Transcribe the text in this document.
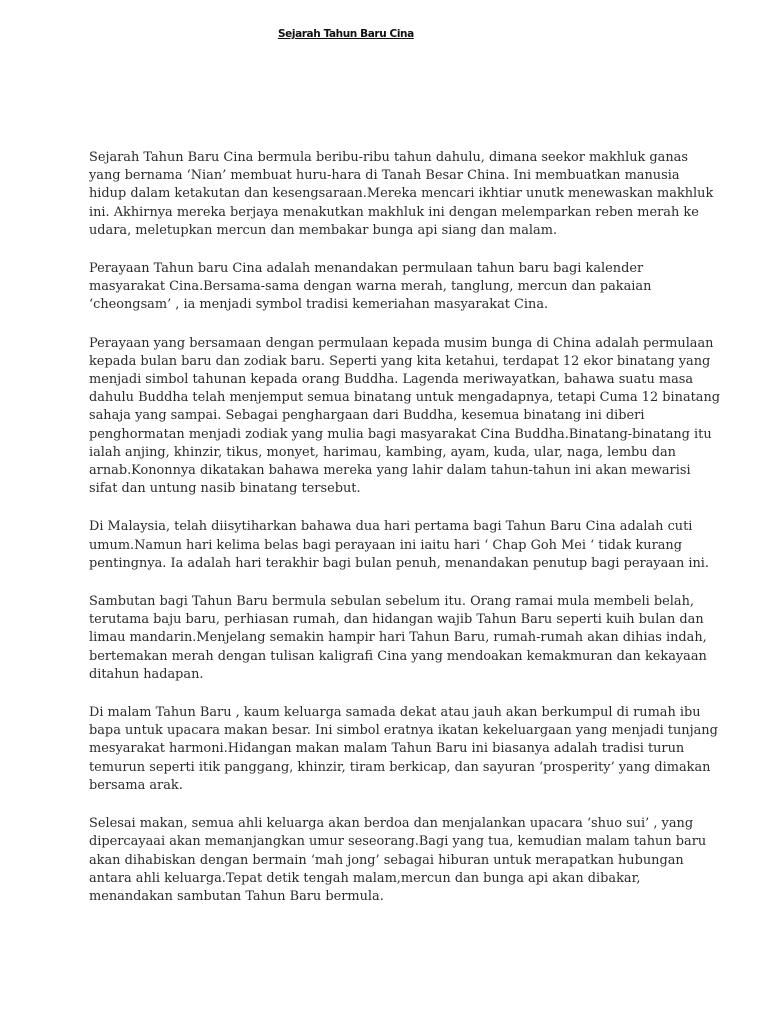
Sejarah Tahun Baru Cina

Sejarah Tahun Baru Cina bermula beribu-ribu tahun dahulu, dimana seekor makhluk ganas
yang bernama ‘Nian’ membuat huru-hara di Tanah Besar China. Ini membuatkan manusia
hidup dalam ketakutan dan kesengsaraan.Mereka mencari ikhtiar unutk menewaskan makhluk
ini. Akhirnya mereka berjaya menakutkan makhluk ini dengan melemparkan reben merah ke
udara, meletupkan mercun dan membakar bunga api siang dan malam.

Perayaan Tahun baru Cina adalah menandakan permulaan tahun baru bagi kalender
masyarakat Cina.Bersama-sama dengan warna merah, tanglung, mercun dan pakaian
‘cheongsam’ , ia menjadi symbol tradisi kemeriahan masyarakat Cina.

Perayaan yang bersamaan dengan permulaan kepada musim bunga di China adalah permulaan
kepada bulan baru dan zodiak baru. Seperti yang kita ketahui, terdapat 12 ekor binatang yang
menjadi simbol tahunan kepada orang Buddha. Lagenda meriwayatkan, bahawa suatu masa
dahulu Buddha telah menjemput semua binatang untuk mengadapnya, tetapi Cuma 12 binatang
sahaja yang sampai. Sebagai penghargaan dari Buddha, kesemua binatang ini diberi
penghormatan menjadi zodiak yang mulia bagi masyarakat Cina Buddha.Binatang-binatang itu
ialah anjing, khinzir, tikus, monyet, harimau, kambing, ayam, kuda, ular, naga, lembu dan
arnab.Kononnya dikatakan bahawa mereka yang lahir dalam tahun-tahun ini akan mewarisi
sifat dan untung nasib binatang tersebut.

Di Malaysia, telah diisytiharkan bahawa dua hari pertama bagi Tahun Baru Cina adalah cuti
umum.Namun hari kelima belas bagi perayaan ini iaitu hari ‘ Chap Goh Mei ‘ tidak kurang
pentingnya. Ia adalah hari terakhir bagi bulan penuh, menandakan penutup bagi perayaan ini.

Sambutan bagi Tahun Baru bermula sebulan sebelum itu. Orang ramai mula membeli belah,
terutama baju baru, perhiasan rumah, dan hidangan wajib Tahun Baru seperti kuih bulan dan
limau mandarin.Menjelang semakin hampir hari Tahun Baru, rumah-rumah akan dihias indah,
bertemakan merah dengan tulisan kaligrafi Cina yang mendoakan kemakmuran dan kekayaan
ditahun hadapan.

Di malam Tahun Baru , kaum keluarga samada dekat atau jauh akan berkumpul di rumah ibu
bapa untuk upacara makan besar. Ini simbol eratnya ikatan kekeluargaan yang menjadi tunjang
mesyarakat harmoni.Hidangan makan malam Tahun Baru ini biasanya adalah tradisi turun
temurun seperti itik panggang, khinzir, tiram berkicap, dan sayuran ‘prosperity’ yang dimakan
bersama arak.

Selesai makan, semua ahli keluarga akan berdoa dan menjalankan upacara ‘shuo sui’ , yang
dipercayaai akan memanjangkan umur seseorang.Bagi yang tua, kemudian malam tahun baru
akan dihabiskan dengan bermain ‘mah jong’ sebagai hiburan untuk merapatkan hubungan
antara ahli keluarga.Tepat detik tengah malam,mercun dan bunga api akan dibakar,
menandakan sambutan Tahun Baru bermula.
